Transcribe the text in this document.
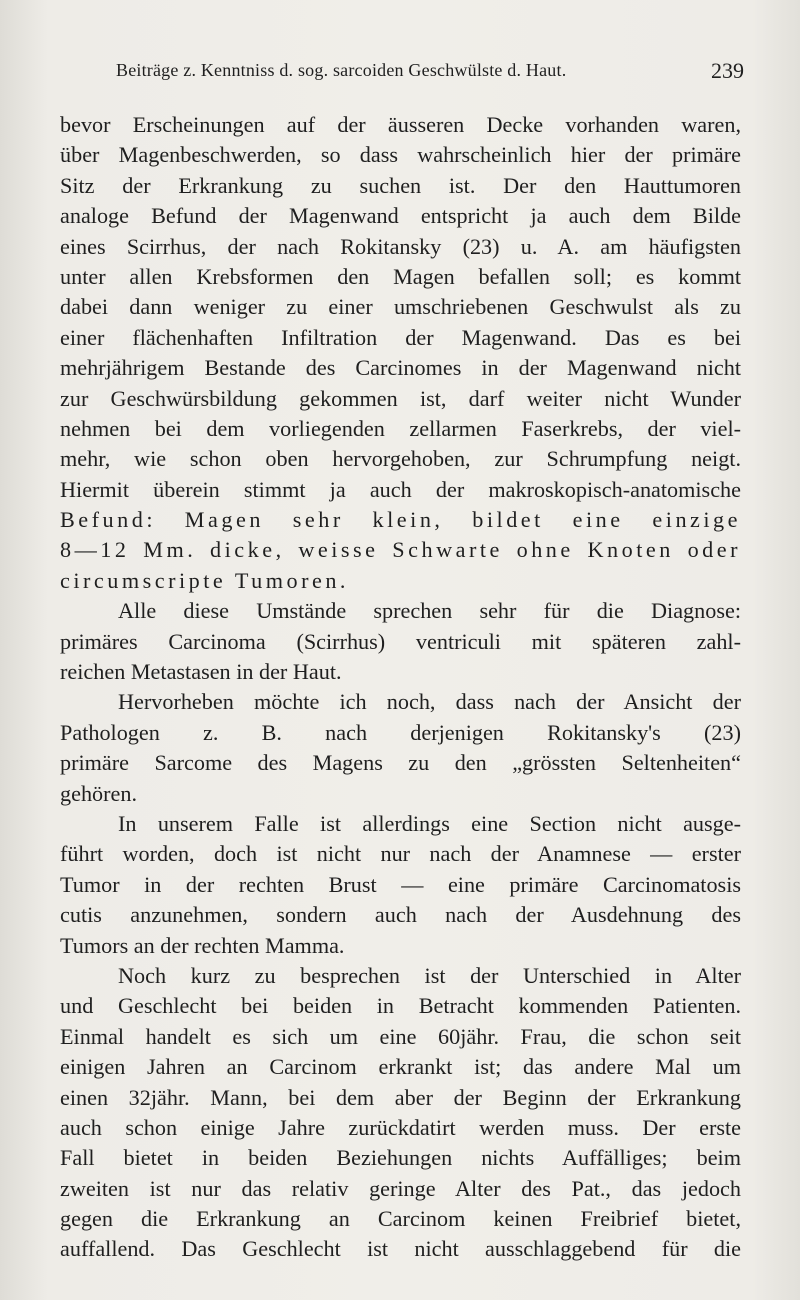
Beiträge z. Kenntniss d. sog. sarcoiden Geschwülste d. Haut.	239
bevor Erscheinungen auf der äusseren Decke vorhanden waren,
über Magenbeschwerden, so dass wahrscheinlich hier der primäre
Sitz der Erkrankung zu suchen ist. Der den Hauttumoren
analoge Befund der Magenwand entspricht ja auch dem Bilde
eines Scirrhus, der nach Rokitansky (23) u. A. am häufigsten
unter allen Krebsformen den Magen befallen soll; es kommt
dabei dann weniger zu einer umschriebenen Geschwulst als zu
einer flächenhaften Infiltration der Magenwand. Das es bei
mehrjährigem Bestande des Carcinomes in der Magenwand nicht
zur Geschwürsbildung gekommen ist, darf weiter nicht Wunder
nehmen bei dem vorliegenden zellarmen Faserkrebs, der viel-
mehr, wie schon oben hervorgehoben, zur Schrumpfung neigt.
Hiermit überein stimmt ja auch der makroskopisch-anatomische
Befund: Magen sehr klein, bildet eine einzige
8—12 Mm. dicke, weisse Schwarte ohne Knoten oder
circumscripte Tumoren.
Alle diese Umstände sprechen sehr für die Diagnose:
primäres Carcinoma (Scirrhus) ventriculi mit späteren zahl-
reichen Metastasen in der Haut.
Hervorheben möchte ich noch, dass nach der Ansicht der
Pathologen z. B. nach derjenigen Rokitansky's (23)
primäre Sarcome des Magens zu den „grössten Seltenheiten“
gehören.
In unserem Falle ist allerdings eine Section nicht ausge-
führt worden, doch ist nicht nur nach der Anamnese — erster
Tumor in der rechten Brust — eine primäre Carcinomatosis
cutis anzunehmen, sondern auch nach der Ausdehnung des
Tumors an der rechten Mamma.
Noch kurz zu besprechen ist der Unterschied in Alter
und Geschlecht bei beiden in Betracht kommenden Patienten.
Einmal handelt es sich um eine 60jähr. Frau, die schon seit
einigen Jahren an Carcinom erkrankt ist; das andere Mal um
einen 32jähr. Mann, bei dem aber der Beginn der Erkrankung
auch schon einige Jahre zurückdatirt werden muss. Der erste
Fall bietet in beiden Beziehungen nichts Auffälliges; beim
zweiten ist nur das relativ geringe Alter des Pat., das jedoch
gegen die Erkrankung an Carcinom keinen Freibrief bietet,
auffallend. Das Geschlecht ist nicht ausschlaggebend für die
